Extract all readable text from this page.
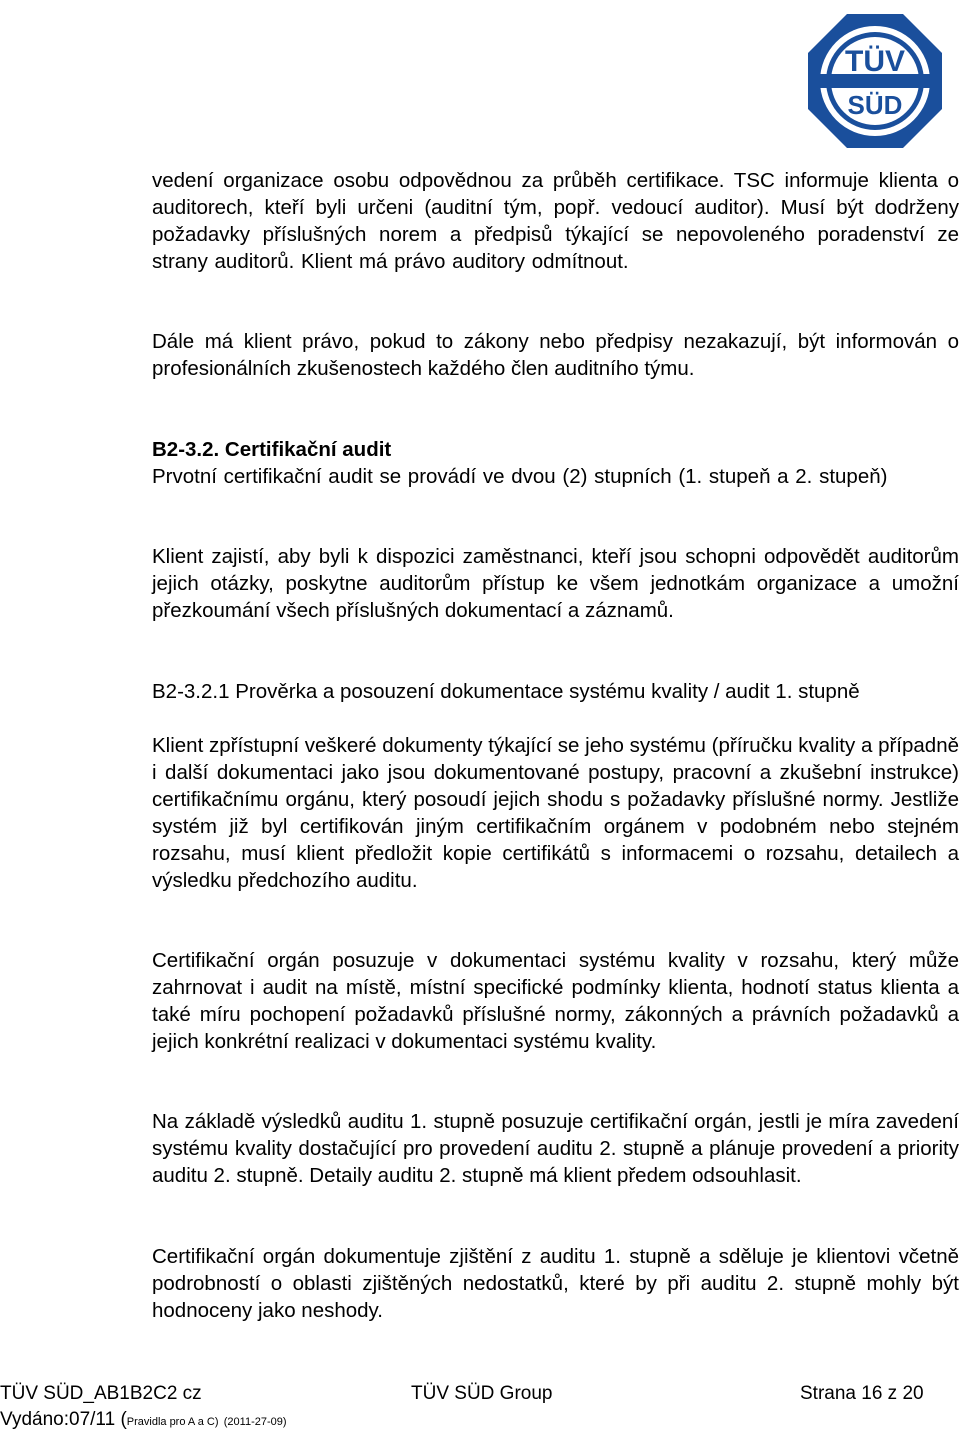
TÜV
SÜD
vedení organizace osobu odpovědnou za průběh certifikace. TSC informuje klienta o auditorech, kteří byli určeni (auditní tým, popř. vedoucí auditor). Musí být dodrženy požadavky příslušných norem a předpisů týkající se nepovoleného poradenství ze strany auditorů. Klient má právo auditory odmítnout.
Dále má klient právo, pokud to zákony nebo předpisy nezakazují, být informován o profesionálních zkušenostech každého člen auditního týmu.
B2-3.2. Certifikační audit
Prvotní certifikační audit se provádí ve dvou (2) stupních (1. stupeň a 2. stupeň)
Klient zajistí, aby byli k dispozici zaměstnanci, kteří jsou schopni odpovědět auditorům jejich otázky, poskytne auditorům přístup ke všem jednotkám organizace a umožní přezkoumání všech příslušných dokumentací a záznamů.
B2-3.2.1 Prověrka a posouzení dokumentace systému kvality / audit 1. stupně
Klient zpřístupní veškeré dokumenty týkající se jeho systému (příručku kvality a případně i další dokumentaci jako jsou dokumentované postupy, pracovní a zkušební instrukce) certifikačnímu orgánu, který posoudí jejich shodu s požadavky příslušné normy. Jestliže systém již byl certifikován jiným certifikačním orgánem v podobném nebo stejném rozsahu, musí klient předložit kopie certifikátů s informacemi o rozsahu, detailech a výsledku předchozího auditu.
Certifikační orgán posuzuje v dokumentaci systému kvality v rozsahu, který může zahrnovat i audit na místě, místní specifické podmínky klienta, hodnotí status klienta a také míru pochopení požadavků příslušné normy, zákonných a právních požadavků a jejich konkrétní realizaci v dokumentaci systému kvality.
Na základě výsledků auditu 1. stupně posuzuje certifikační orgán, jestli je míra zavedení systému kvality dostačující pro provedení auditu 2. stupně a plánuje provedení a priority auditu 2. stupně. Detaily auditu 2. stupně má klient předem odsouhlasit.
Certifikační orgán dokumentuje zjištění z auditu 1. stupně a sděluje je klientovi včetně podrobností o oblasti zjištěných nedostatků, které by při auditu 2. stupně mohly být hodnoceny jako neshody.
TÜV SÜD_AB1B2C2 cz	TÜV SÜD Group	Strana 16 z 20
Vydáno:07/11 (Pravidla pro A a C) (2011-27-09)
